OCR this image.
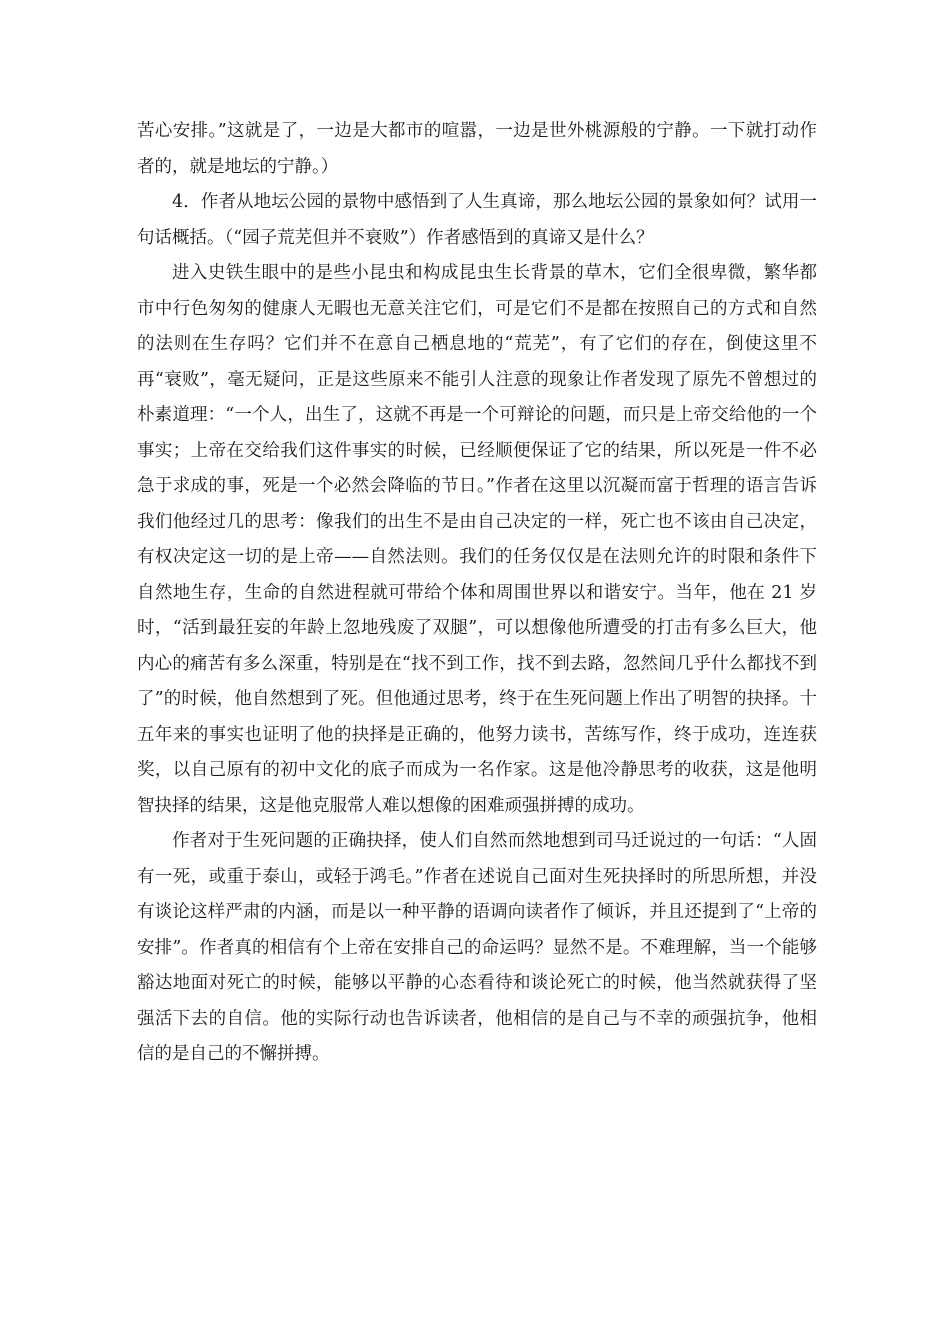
苦心安排。”这就是了，一边是大都市的喧嚣，一边是世外桃源般的宁静。一下就打动作者的，就是地坛的宁静。）

4．作者从地坛公园的景物中感悟到了人生真谛，那么地坛公园的景象如何？试用一句话概括。（“园子荒芜但并不衰败”）作者感悟到的真谛又是什么？

进入史铁生眼中的是些小昆虫和构成昆虫生长背景的草木，它们全很卑微，繁华都市中行色匆匆的健康人无暇也无意关注它们，可是它们不是都在按照自己的方式和自然的法则在生存吗？它们并不在意自己栖息地的“荒芜”，有了它们的存在，倒使这里不再“衰败”，毫无疑问，正是这些原来不能引人注意的现象让作者发现了原先不曾想过的朴素道理：“一个人，出生了，这就不再是一个可辩论的问题，而只是上帝交给他的一个事实；上帝在交给我们这件事实的时候，已经顺便保证了它的结果，所以死是一件不必急于求成的事，死是一个必然会降临的节日。”作者在这里以沉凝而富于哲理的语言告诉我们他经过几的思考：像我们的出生不是由自己决定的一样，死亡也不该由自己决定，有权决定这一切的是上帝——自然法则。我们的任务仅仅是在法则允许的时限和条件下自然地生存，生命的自然进程就可带给个体和周围世界以和谐安宁。当年，他在 21 岁时，“活到最狂妄的年龄上忽地残废了双腿”，可以想像他所遭受的打击有多么巨大，他内心的痛苦有多么深重，特别是在“找不到工作，找不到去路，忽然间几乎什么都找不到了”的时候，他自然想到了死。但他通过思考，终于在生死问题上作出了明智的抉择。十五年来的事实也证明了他的抉择是正确的，他努力读书，苦练写作，终于成功，连连获奖，以自己原有的初中文化的底子而成为一名作家。这是他冷静思考的收获，这是他明智抉择的结果，这是他克服常人难以想像的困难顽强拼搏的成功。

作者对于生死问题的正确抉择，使人们自然而然地想到司马迁说过的一句话：“人固有一死，或重于泰山，或轻于鸿毛。”作者在述说自己面对生死抉择时的所思所想，并没有谈论这样严肃的内涵，而是以一种平静的语调向读者作了倾诉，并且还提到了“上帝的安排”。作者真的相信有个上帝在安排自己的命运吗？显然不是。不难理解，当一个能够豁达地面对死亡的时候，能够以平静的心态看待和谈论死亡的时候，他当然就获得了坚强活下去的自信。他的实际行动也告诉读者，他相信的是自己与不幸的顽强抗争，他相信的是自己的不懈拼搏。
